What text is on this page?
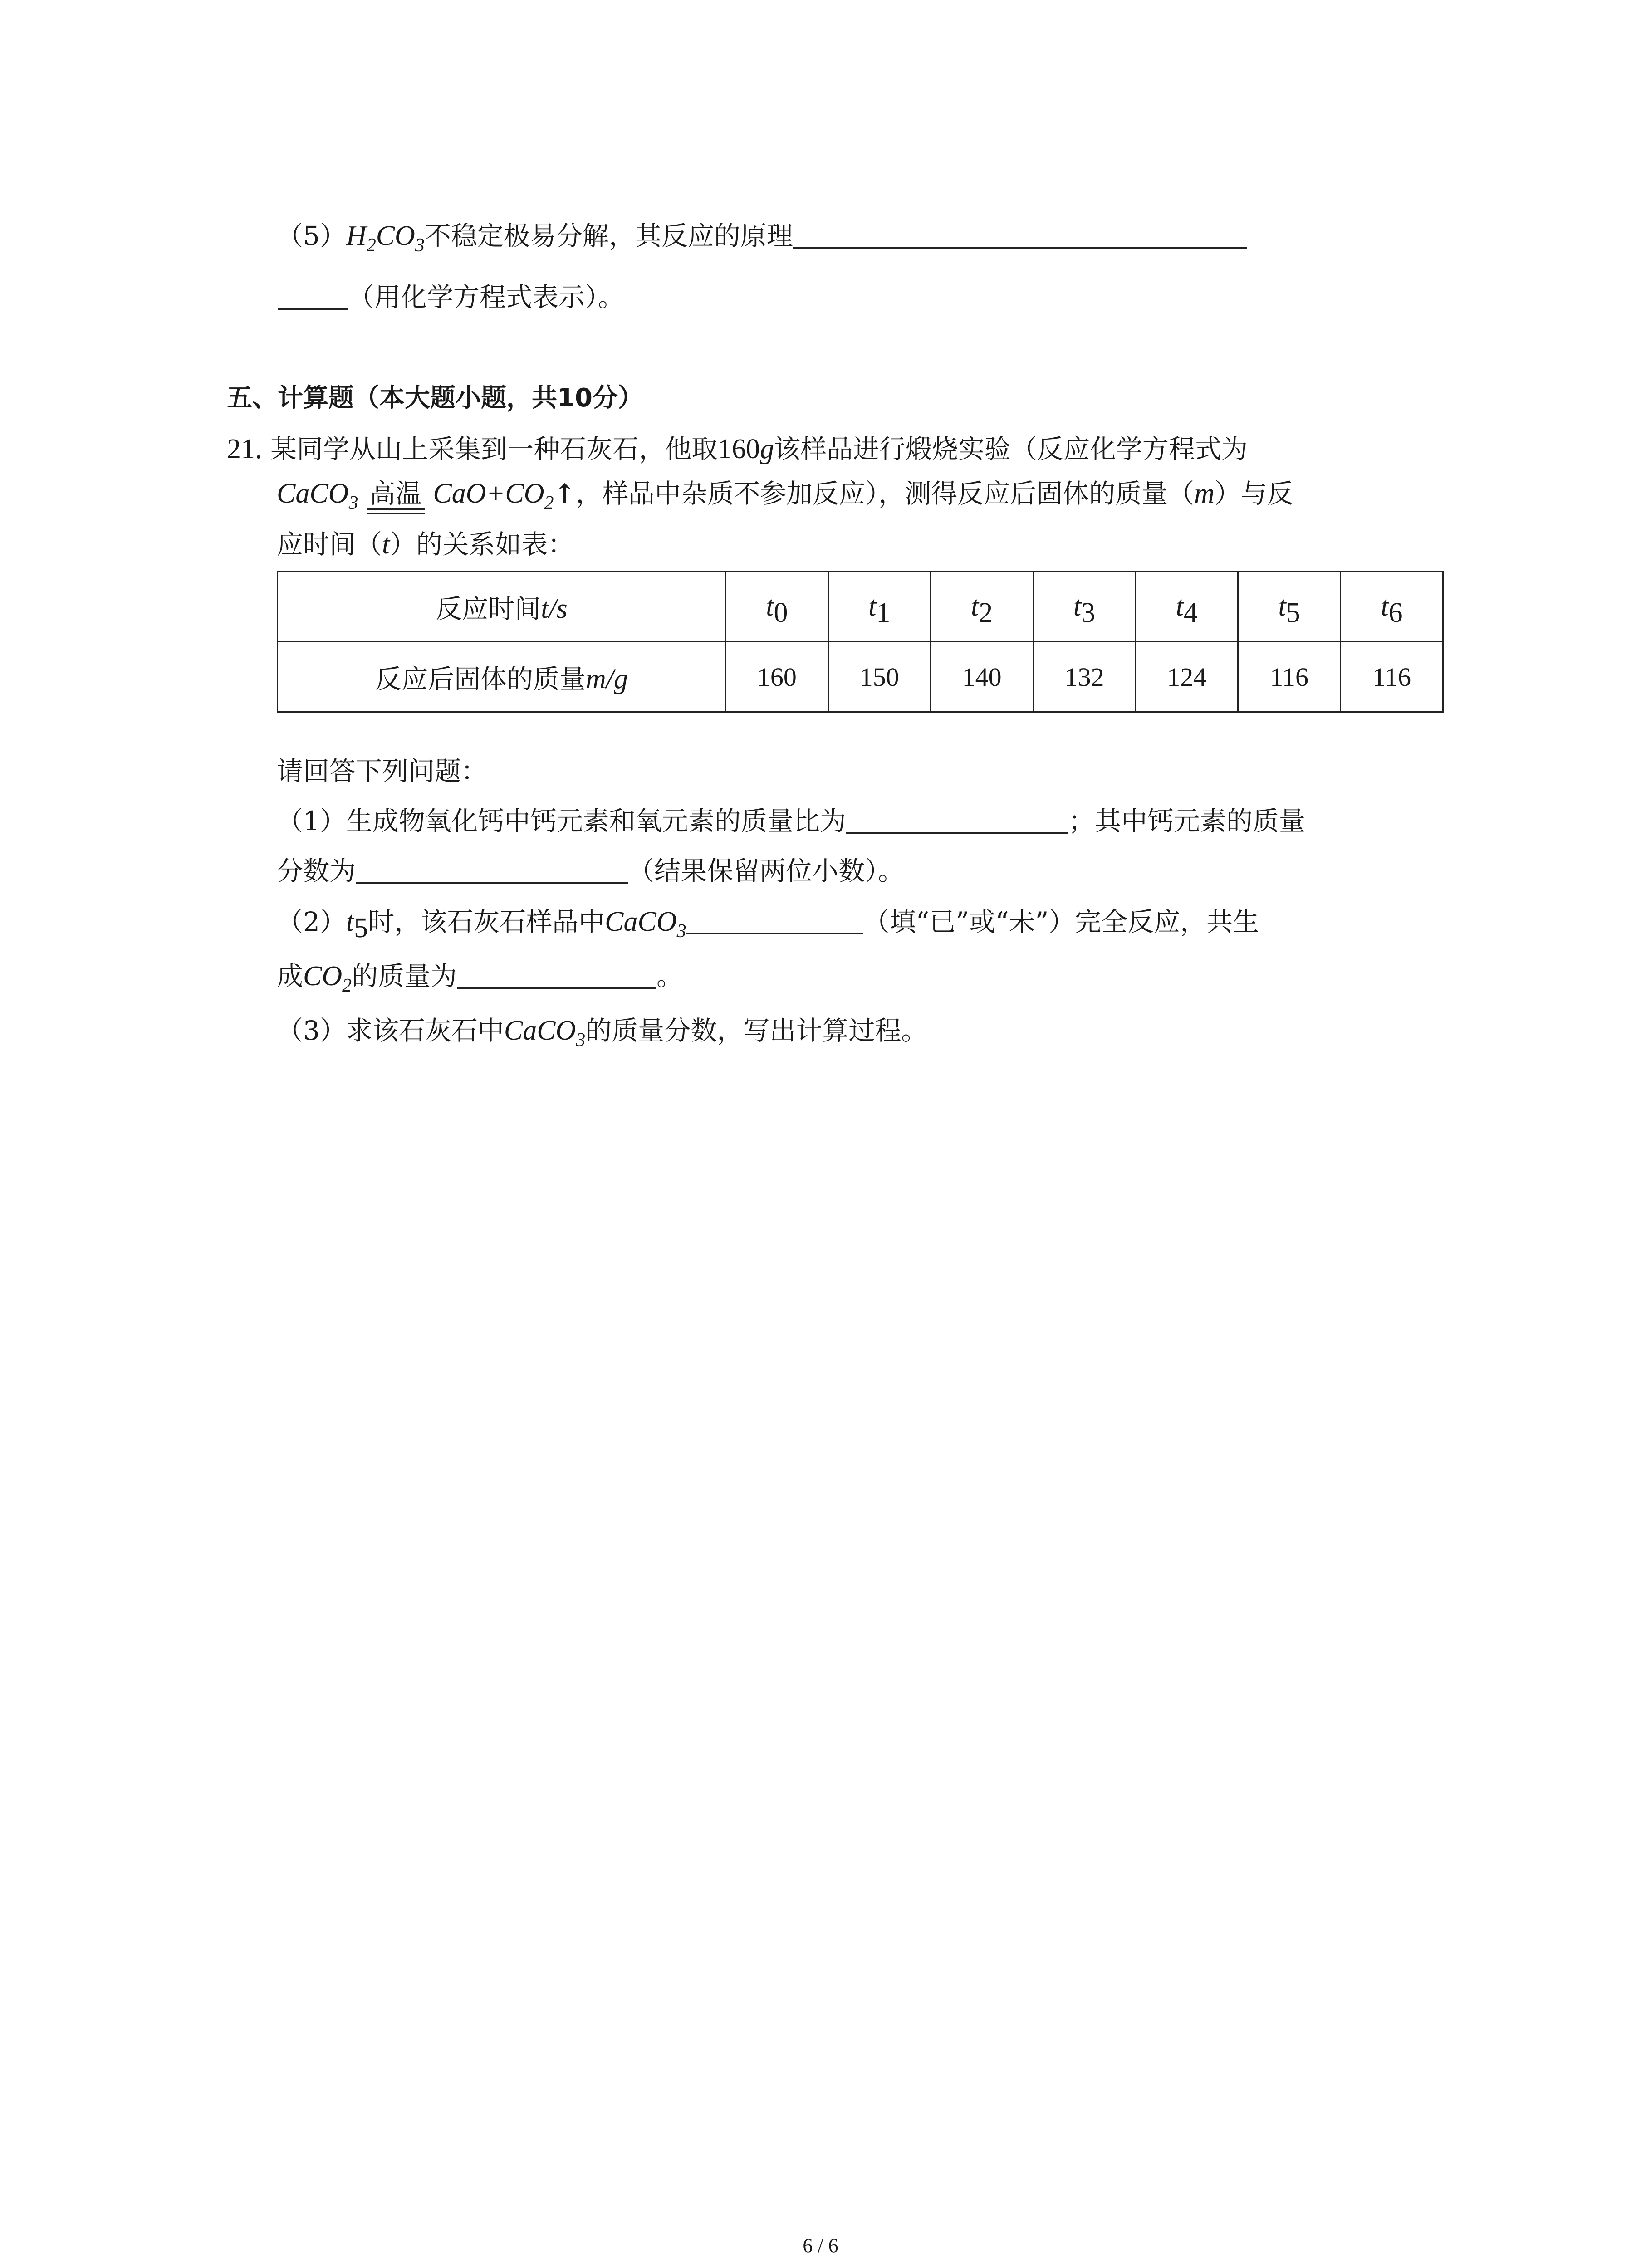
$(5)H_2CO_3$不稳定极易分解，其反应的原理
（用化学方程式表示）。
五、计算题（本大题小题，共10分）
21. 某同学从山上采集到一种石灰石，他取160g该样品进行煅烧实验（反应化学方程式为
CaCO$_3$ 高温 $CaO+CO_2↑$，样品中杂质不参加反应），测得反应后固体的质量（m）与反
应时间（t）的关系如表：
反应时间t/s	$t_0$	$t_1$	$t_2$	$t_3$	$t_4$	$t_5$	$t_6$
反应后固体的质量m/g	160	150	140	132	124	116	116
请回答下列问题：
（1）生成物氧化钙中钙元素和氧元素的质量比为	；其中钙元素的质量
分数为	（结果保留两位小数）。
$(2)t_5$时，该石灰石样品中CaCO$_3$	（填“已”或“未”）完全反应，共生
成$CO_2$的质量为	。
（3）求该石灰石中CaCO$_3$的质量分数，写出计算过程。
6 / 6
